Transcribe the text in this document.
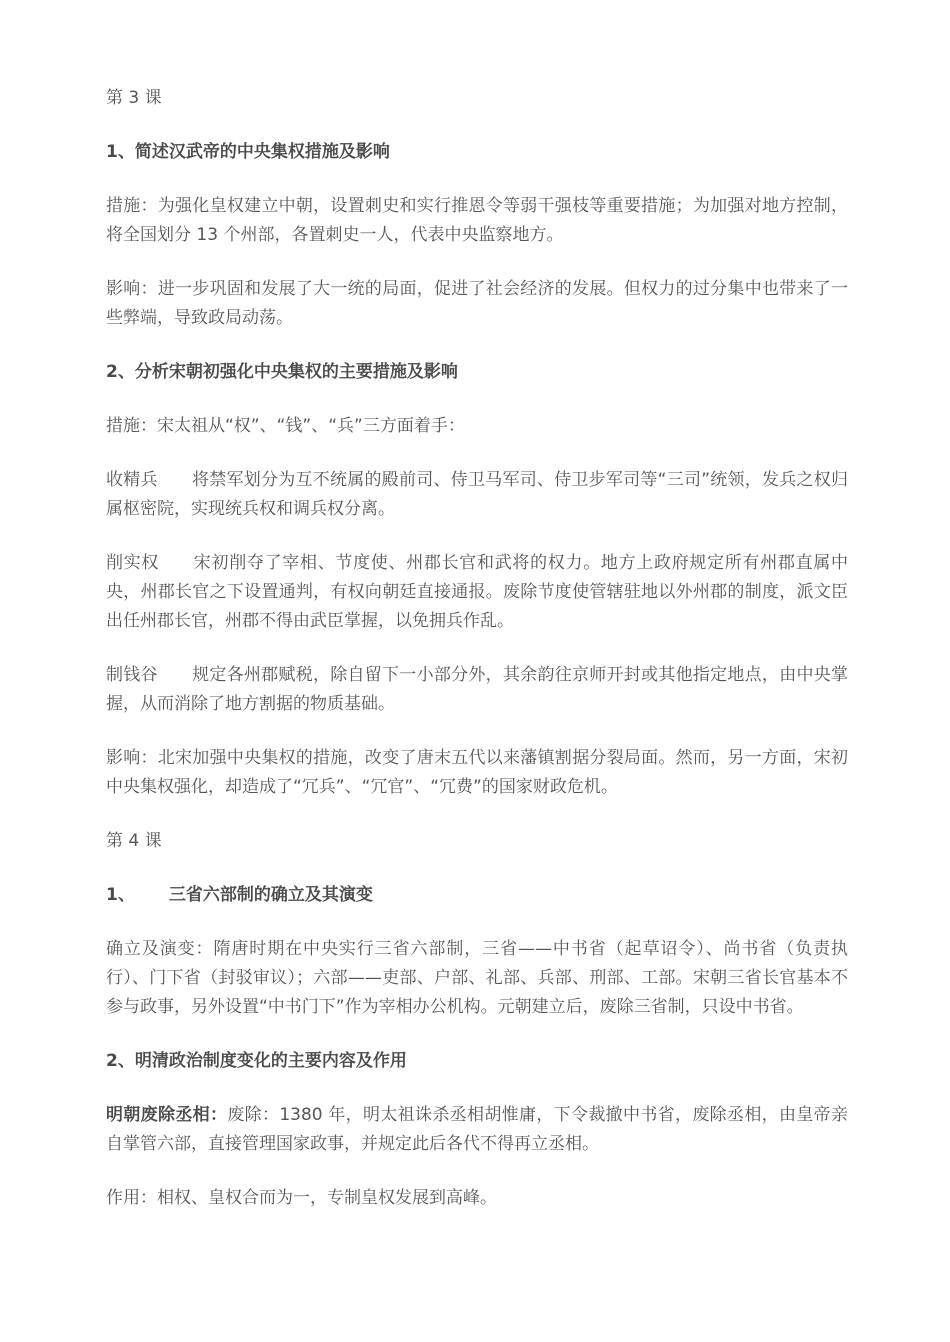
第 3 课

1、简述汉武帝的中央集权措施及影响

措施：为强化皇权建立中朝，设置刺史和实行推恩令等弱干强枝等重要措施；为加强对地方控制，将全国划分 13 个州部，各置刺史一人，代表中央监察地方。

影响：进一步巩固和发展了大一统的局面，促进了社会经济的发展。但权力的过分集中也带来了一些弊端，导致政局动荡。

2、分析宋朝初强化中央集权的主要措施及影响

措施：宋太祖从“权”、“钱”、“兵”三方面着手：

收精兵 将禁军划分为互不统属的殿前司、侍卫马军司、侍卫步军司等“三司”统领，发兵之权归属枢密院，实现统兵权和调兵权分离。

削实权 宋初削夺了宰相、节度使、州郡长官和武将的权力。地方上政府规定所有州郡直属中央，州郡长官之下设置通判，有权向朝廷直接通报。废除节度使管辖驻地以外州郡的制度，派文臣出任州郡长官，州郡不得由武臣掌握，以免拥兵作乱。

制钱谷 规定各州郡赋税，除自留下一小部分外，其余韵往京师开封或其他指定地点，由中央掌握，从而消除了地方割据的物质基础。

影响：北宋加强中央集权的措施，改变了唐末五代以来藩镇割据分裂局面。然而，另一方面，宋初中央集权强化，却造成了“冗兵”、“冗官”、“冗费”的国家财政危机。

第 4 课

1、 三省六部制的确立及其演变

确立及演变：隋唐时期在中央实行三省六部制，三省——中书省（起草诏令）、尚书省（负责执行）、门下省（封驳审议）；六部——吏部、户部、礼部、兵部、刑部、工部。宋朝三省长官基本不参与政事，另外设置“中书门下”作为宰相办公机构。元朝建立后，废除三省制，只设中书省。

2、明清政治制度变化的主要内容及作用

明朝废除丞相：废除：1380 年，明太祖诛杀丞相胡惟庸，下令裁撤中书省，废除丞相，由皇帝亲自掌管六部，直接管理国家政事，并规定此后各代不得再立丞相。

作用：相权、皇权合而为一，专制皇权发展到高峰。
